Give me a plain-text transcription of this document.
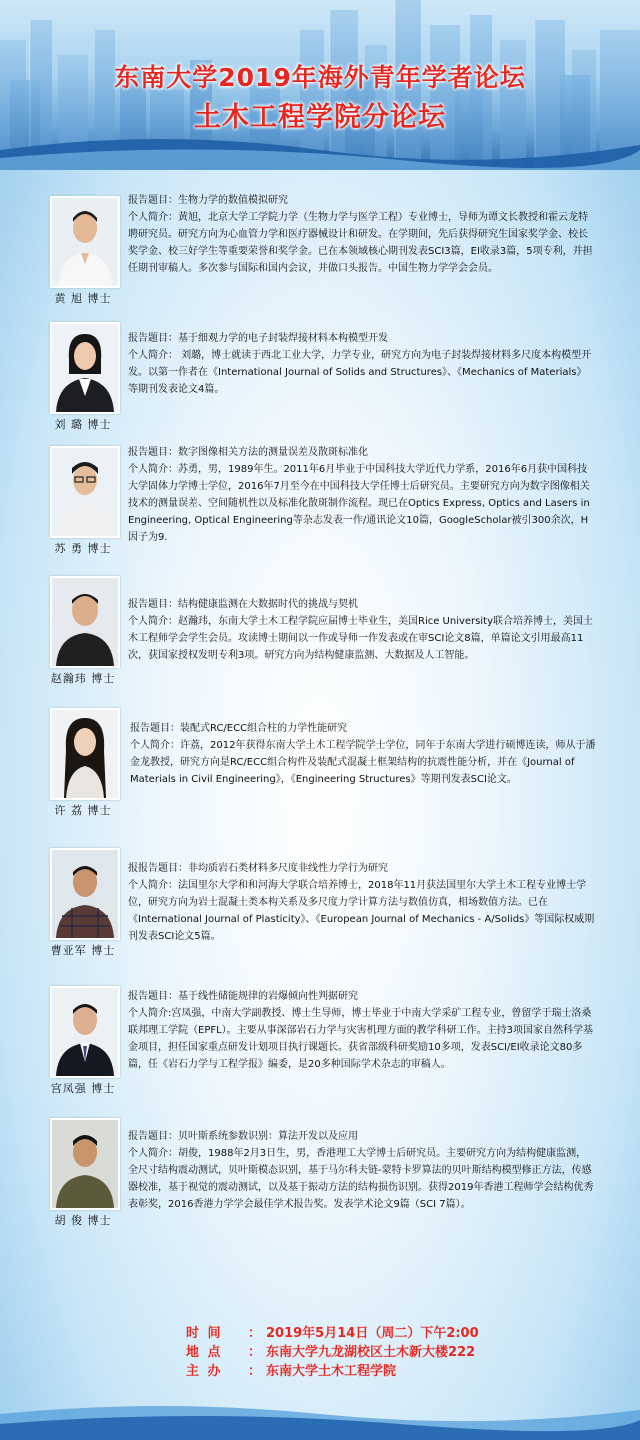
东南大学2019年海外青年学者论坛
土木工程学院分论坛
黄 旭 博士

报告题目：生物力学的数值模拟研究

个人简介：黄旭，北京大学工学院力学（生物力学与医学工程）专业博士，导师为谭文长教授和霍云龙特聘研究员。研究方向为心血管力学和医疗器械设计和研发。在学期间，先后获得研究生国家奖学金、校长奖学金、校三好学生等重要荣誉和奖学金。已在本领域核心期刊发表SCI3篇，EI收录3篇，5项专利，并担任期刊审稿人。多次参与国际和国内会议，并做口头报告。中国生物力学学会会员。

刘 璐 博士

报告题目：基于细观力学的电子封装焊接材料本构模型开发

个人简介： 刘璐，博士就读于西北工业大学，力学专业，研究方向为电子封装焊接材料多尺度本构模型开发。以第一作者在《International Journal of Solids and Structures》、《Mechanics of Materials》等期刊发表论文4篇。

苏 勇 博士

报告题目：数字图像相关方法的测量误差及散斑标准化

个人简介：苏勇，男，1989年生。2011年6月毕业于中国科技大学近代力学系，2016年6月获中国科技大学固体力学博士学位，2016年7月至今在中国科技大学任博士后研究员。主要研究方向为数字图像相关技术的测量误差、空间随机性以及标准化散斑制作流程。现已在Optics Express, Optics and Lasers in Engineering, Optical Engineering等杂志发表一作/通讯论文10篇，GoogleScholar被引300余次，H因子为9.

赵瀚玮 博士

报告题目：结构健康监测在大数据时代的挑战与契机

个人简介：赵瀚玮，东南大学土木工程学院应届博士毕业生，美国Rice University联合培养博士，美国土木工程师学会学生会员。攻读博士期间以一作或导师一作发表或在审SCI论文8篇，单篇论文引用最高11次，获国家授权发明专利3项。研究方向为结构健康监测、大数据及人工智能。

许 荔 博士

报告题目：装配式RC/ECC组合柱的力学性能研究

个人简介：许荔，2012年获得东南大学土木工程学院学士学位，同年于东南大学进行硕博连读，师从于潘金龙教授，研究方向是RC/ECC组合构件及装配式混凝土框架结构的抗震性能分析，并在《Journal of Materials in Civil Engineering》，《Engineering Structures》等期刊发表SCI论文。

曹亚军 博士

报报告题目：非均质岩石类材料多尺度非线性力学行为研究

个人简介：法国里尔大学和和河海大学联合培养博士，2018年11月获法国里尔大学土木工程专业博士学位，研究方向为岩土混凝土类本构关系及多尺度力学计算方法与数值仿真，相场数值方法。已在 《International Journal of Plasticity》、《European Journal of Mechanics - A/Solids》等国际权威期刊发表SCI论文5篇。

宫凤强 博士

报告题目：基于线性储能规律的岩爆倾向性判据研究

个人简介:宫凤强，中南大学副教授、博士生导师，博士毕业于中南大学采矿工程专业，曾留学于瑞士洛桑联邦理工学院（EPFL）。主要从事深部岩石力学与灾害机理方面的教学科研工作。主持3项国家自然科学基金项目，担任国家重点研发计划项目执行课题长。获省部级科研奖励10多项，发表SCI/EI收录论文80多篇，任《岩石力学与工程学报》编委，是20多种国际学术杂志的审稿人。

胡 俊 博士

报告题目：贝叶斯系统参数识别：算法开发以及应用

个人简介：胡俊，1988年2月3日生，男，香港理工大学博士后研究员。主要研究方向为结构健康监测，全尺寸结构震动测试，贝叶斯模态识别，基于马尔科夫链-蒙特卡罗算法的贝叶斯结构模型修正方法，传感器校准，基于视觉的震动测试，以及基于振动方法的结构损伤识别。获得2019年香港工程师学会结构优秀表彰奖，2016香港力学学会最佳学术报告奖。发表学术论文9篇（SCI 7篇）。

时 间	： 2019年5月14日（周二）下午2:00
地 点	： 东南大学九龙湖校区土木新大楼222
主 办	： 东南大学土木工程学院
